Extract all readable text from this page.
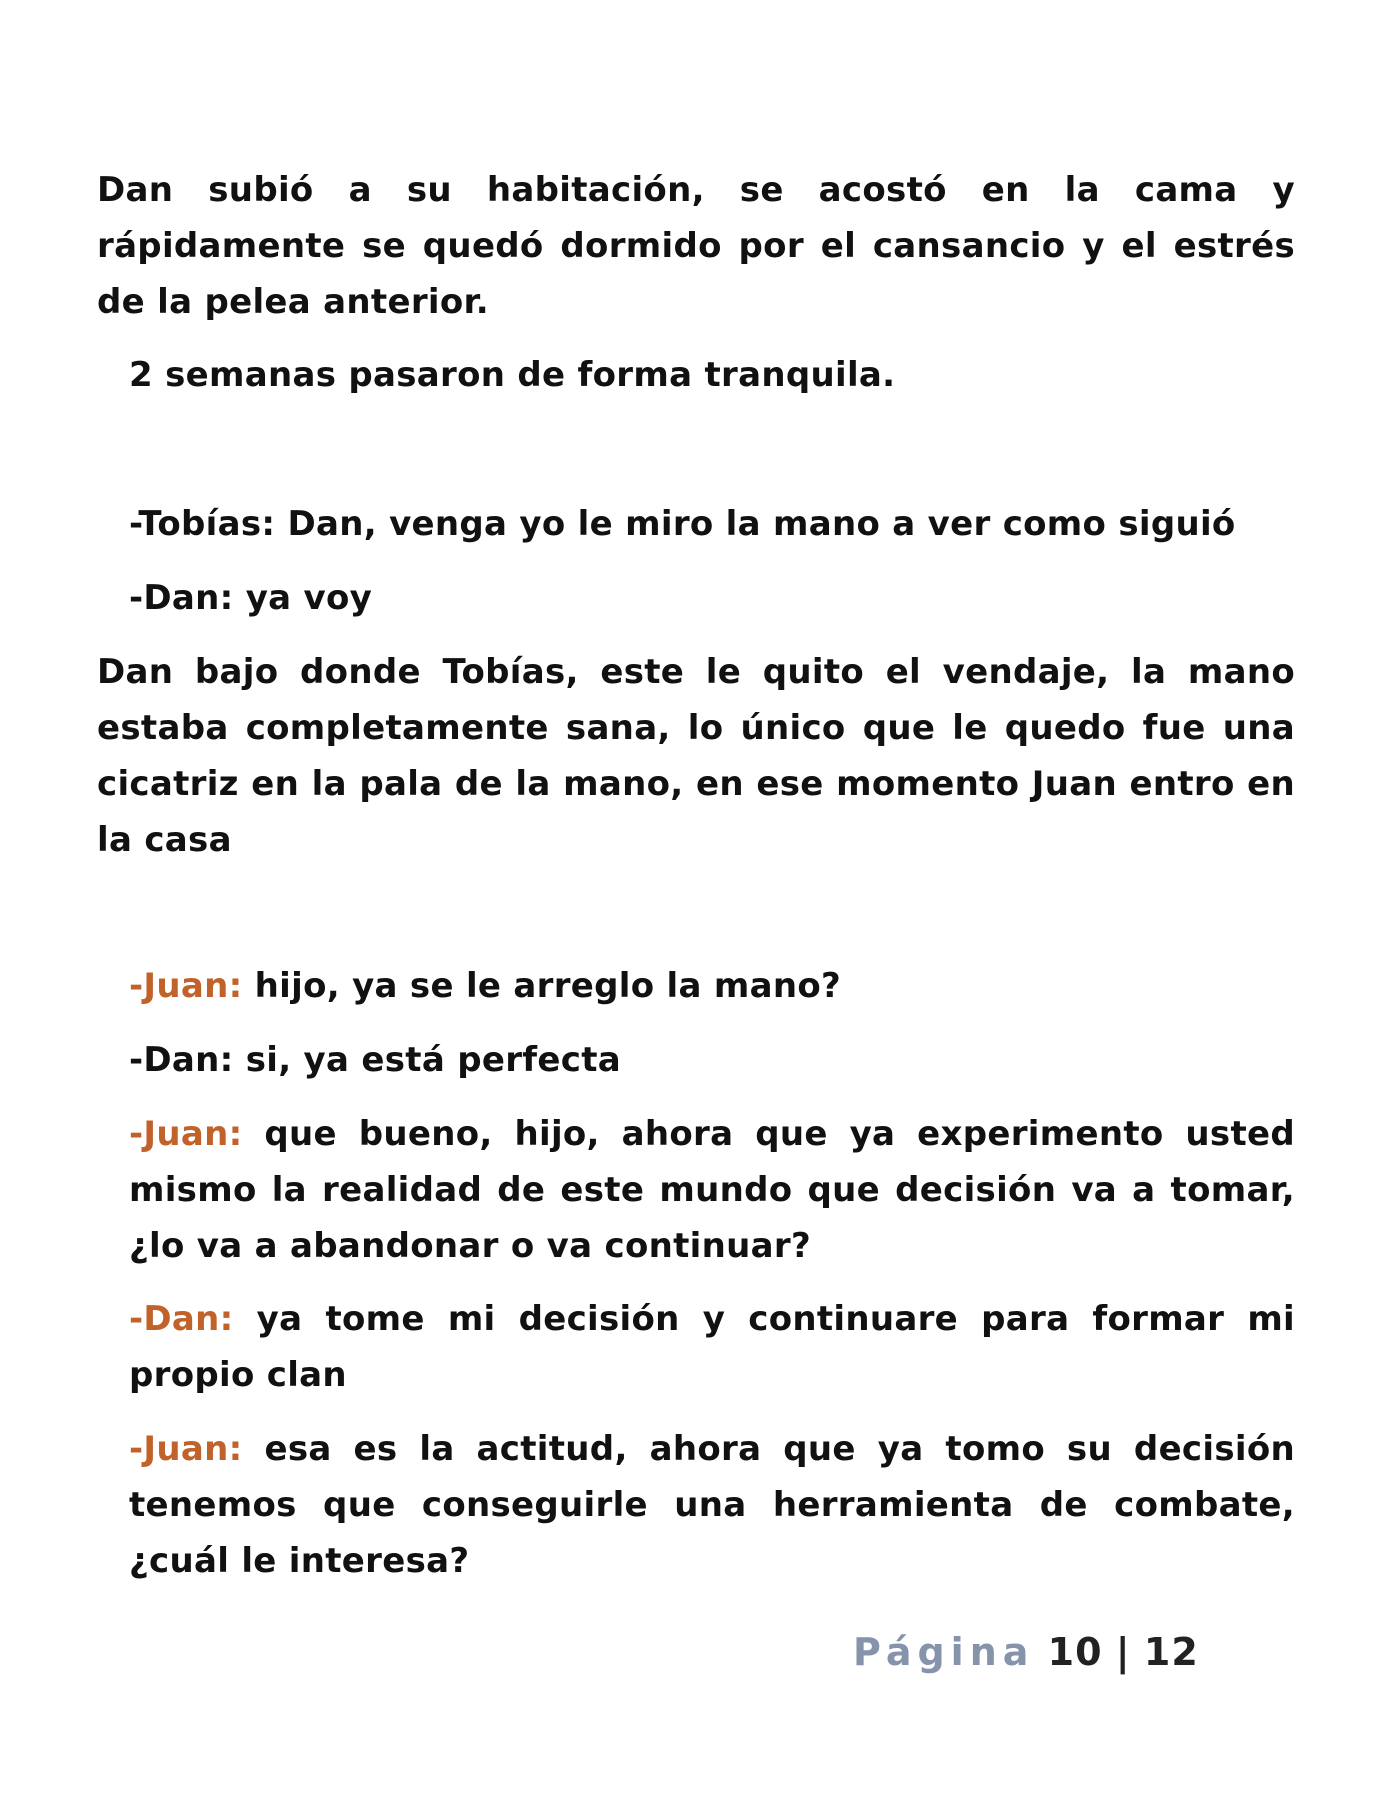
Dan subió a su habitación, se acostó en la cama y rápidamente se quedó dormido por el cansancio y el estrés de la pelea anterior.
2 semanas pasaron de forma tranquila.
-Tobías: Dan, venga yo le miro la mano a ver como siguió
-Dan: ya voy
Dan bajo donde Tobías, este le quito el vendaje, la mano estaba completamente sana, lo único que le quedo fue una cicatriz en la pala de la mano, en ese momento Juan entro en la casa
-Juan: hijo, ya se le arreglo la mano?
-Dan: si, ya está perfecta
-Juan: que bueno, hijo, ahora que ya experimento usted mismo la realidad de este mundo que decisión va a tomar, ¿lo va a abandonar o va continuar?
-Dan: ya tome mi decisión y continuare para formar mi propio clan
-Juan: esa es la actitud, ahora que ya tomo su decisión tenemos que conseguirle una herramienta de combate, ¿cuál le interesa?
Página 10 | 12
